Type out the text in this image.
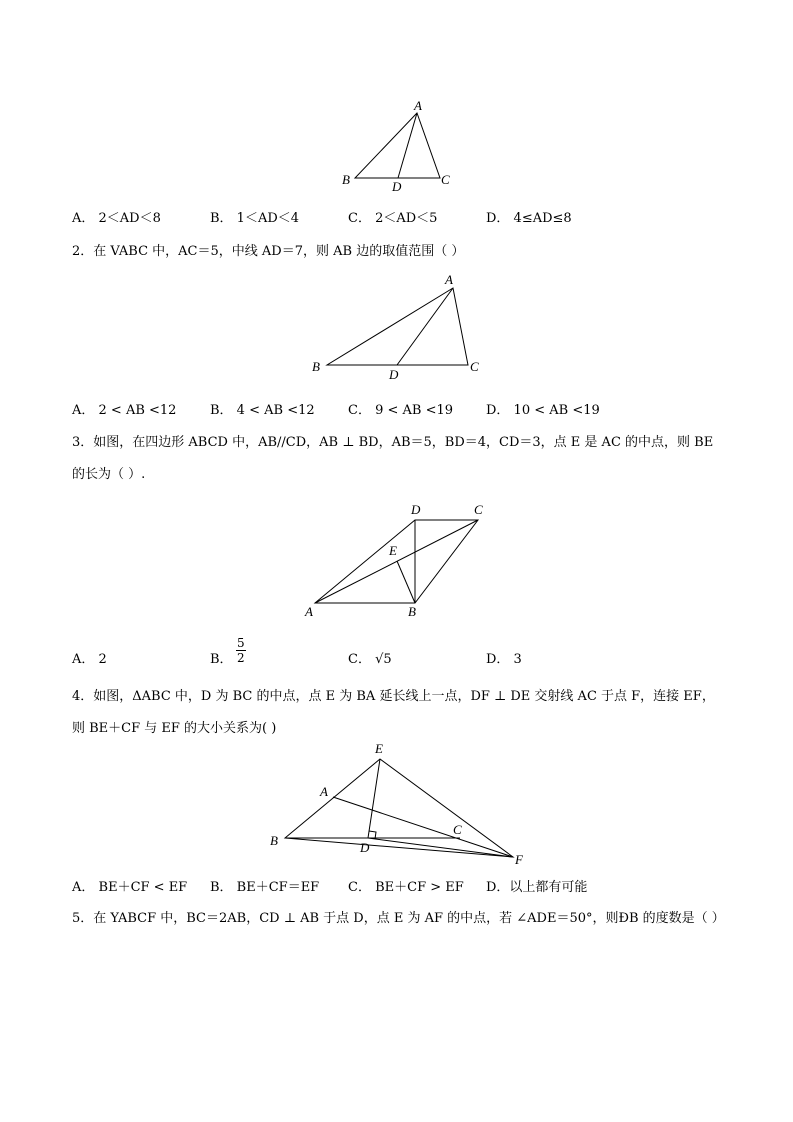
A
B	C
D
A． 2＜AD＜8	B． 1＜AD＜4	C． 2＜AD＜5	D． 4≤AD≤8
2．在 VABC 中，AC＝5，中线 AD＝7，则 AB 边的取值范围（ ）
A
B	C
D
A． 2 < AB <12	B． 4 < AB <12	C． 9 < AB <19	D． 10 < AB <19
3．如图，在四边形 ABCD 中，AB//CD，AB ⊥ BD，AB＝5，BD＝4，CD＝3，点 E 是 AC 的中点，则 BE
的长为（ ）.
A	B
C
D
E
A． 2	B． $\frac{5}{2}$	C． √5	D． 3
4．如图，ΔABC 中，D 为 BC 的中点，点 E 为 BA 延长线上一点，DF ⊥ DE 交射线 AC 于点 F，连接 EF，
则 BE＋CF 与 EF 的大小关系为( )
E
A
B
C
D
F
A． BE＋CF < EF B． BE＋CF＝EF C． BE＋CF > EF D．以上都有可能
5．在 YABCF 中，BC＝2AB，CD ⊥ AB 于点 D，点 E 为 AF 的中点，若 ∠ADE＝50°，则ÐB 的度数是（ ）
